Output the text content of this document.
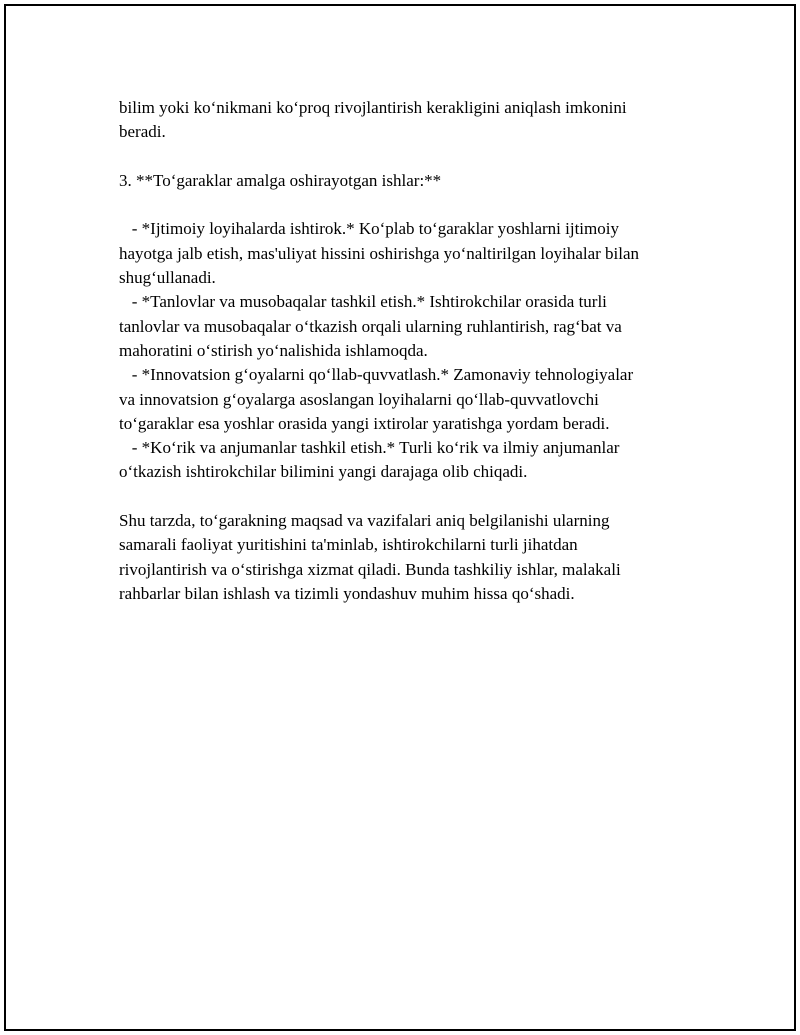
bilim yoki ko‘nikmani ko‘proq rivojlantirish kerakligini aniqlash imkonini
beradi.
3. **To‘garaklar amalga oshirayotgan ishlar:**
- *Ijtimoiy loyihalarda ishtirok.* Ko‘plab to‘garaklar yoshlarni ijtimoiy
hayotga jalb etish, mas'uliyat hissini oshirishga yo‘naltirilgan loyihalar bilan
shug‘ullanadi.
- *Tanlovlar va musobaqalar tashkil etish.* Ishtirokchilar orasida turli
tanlovlar va musobaqalar o‘tkazish orqali ularning ruhlantirish, rag‘bat va
mahoratini o‘stirish yo‘nalishida ishlamoqda.
- *Innovatsion g‘oyalarni qo‘llab-quvvatlash.* Zamonaviy tehnologiyalar
va innovatsion g‘oyalarga asoslangan loyihalarni qo‘llab-quvvatlovchi
to‘garaklar esa yoshlar orasida yangi ixtirolar yaratishga yordam beradi.
- *Ko‘rik va anjumanlar tashkil etish.* Turli ko‘rik va ilmiy anjumanlar
o‘tkazish ishtirokchilar bilimini yangi darajaga olib chiqadi.
Shu tarzda, to‘garakning maqsad va vazifalari aniq belgilanishi ularning
samarali faoliyat yuritishini ta'minlab, ishtirokchilarni turli jihatdan
rivojlantirish va o‘stirishga xizmat qiladi. Bunda tashkiliy ishlar, malakali
rahbarlar bilan ishlash va tizimli yondashuv muhim hissa qo‘shadi.
